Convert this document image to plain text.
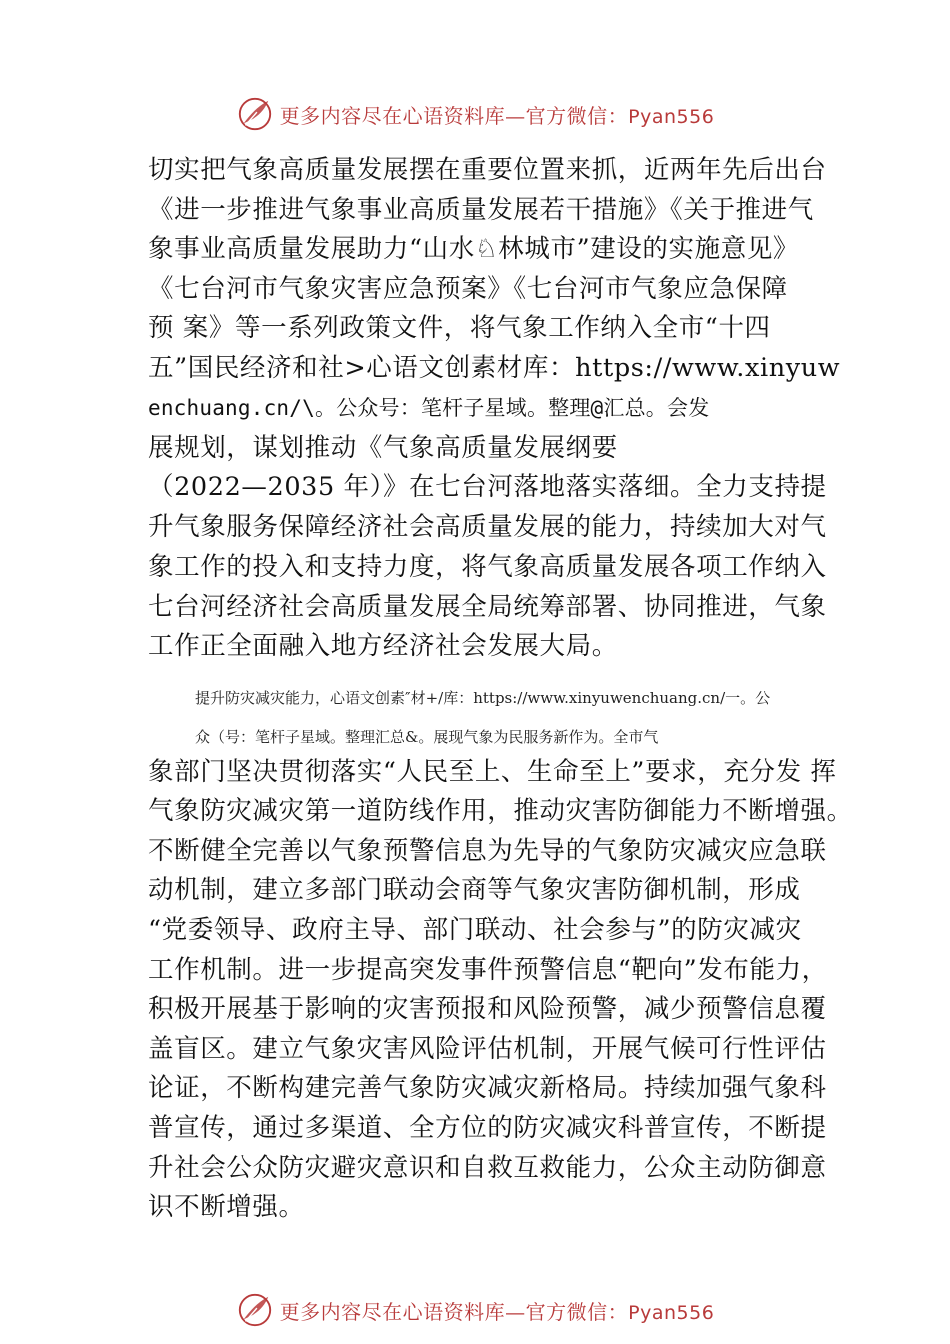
更多内容尽在心语资料库—官方微信：Pyan556
切实把气象高质量发展摆在重要位置来抓，近两年先后出台
《进一步推进气象事业高质量发展若干措施》《关于推进气
象事业高质量发展助力“山水♘林城市”建设的实施意见》
《七台河市气象灾害应急预案》《七台河市气象应急保障
预 案》等一系列政策文件，将气象工作纳入全市“十四
五”国民经济和社>心语文创素材库：https://www.xinyuw
enchuang.cn/\。公众号：笔杆子星域。整理@汇总。会发
展规划，谋划推动《气象高质量发展纲要
（2022—2035 年）》在七台河落地落实落细。全力支持提
升气象服务保障经济社会高质量发展的能力，持续加大对气
象工作的投入和支持力度，将气象高质量发展各项工作纳入
七台河经济社会高质量发展全局统筹部署、协同推进，气象
工作正全面融入地方经济社会发展大局。
提升防灾减灾能力，心语文创素″材+/库：https://www.xinyuwenchuang.cn/一。公
众（号：笔杆子星域。整理汇总&。展现气象为民服务新作为。全市气
象部门坚决贯彻落实“人民至上、生命至上”要求，充分发 挥
气象防灾减灾第一道防线作用，推动灾害防御能力不断增强。
不断健全完善以气象预警信息为先导的气象防灾减灾应急联
动机制，建立多部门联动会商等气象灾害防御机制，形成
“党委领导、政府主导、部门联动、社会参与”的防灾减灾
工作机制。进一步提高突发事件预警信息“靶向”发布能力，
积极开展基于影响的灾害预报和风险预警，减少预警信息覆
盖盲区。建立气象灾害风险评估机制，开展气候可行性评估
论证，不断构建完善气象防灾减灾新格局。持续加强气象科
普宣传，通过多渠道、全方位的防灾减灾科普宣传，不断提
升社会公众防灾避灾意识和自救互救能力，公众主动防御意
识不断增强。
更多内容尽在心语资料库—官方微信：Pyan556
